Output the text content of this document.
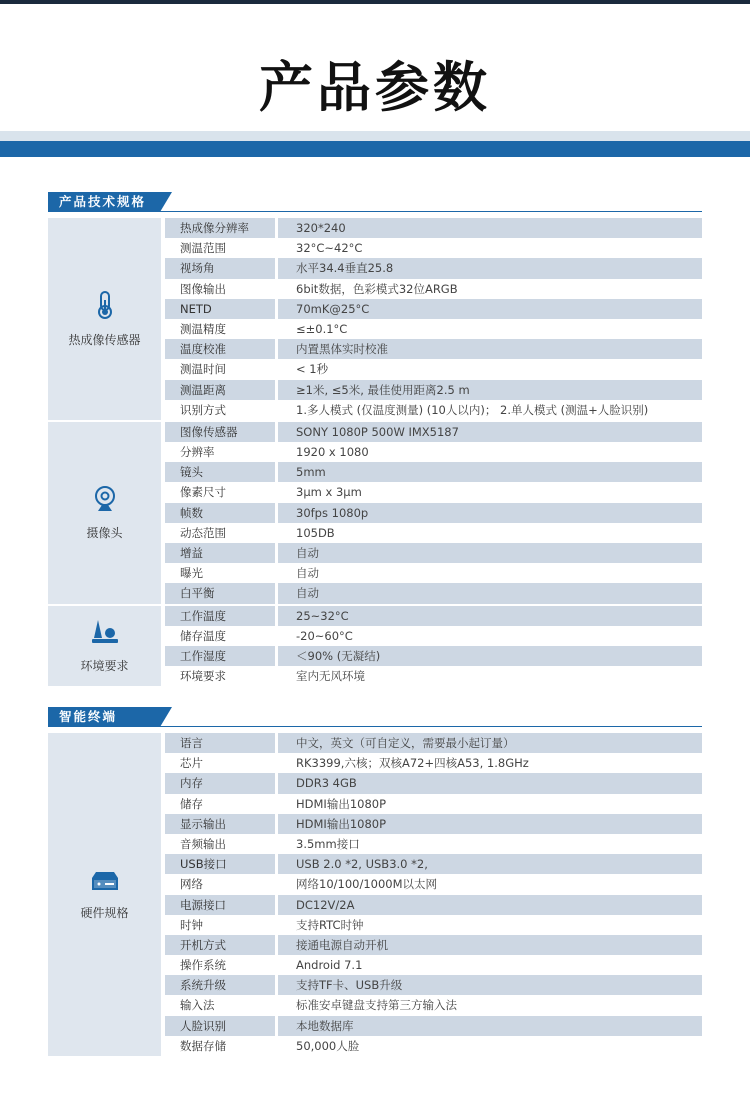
产品参数
产品技术规格
热成像传感器
热成像分辨率	320*240
测温范围	32°C~42°C
视场角	水平34.4垂直25.8
图像输出	6bit数据，色彩模式32位ARGB
NETD	70mK@25°C
测温精度	≤±0.1°C
温度校准	内置黑体实时校准
测温时间	< 1秒
测温距离	≥1米, ≤5米, 最佳使用距离2.5 m
识别方式	1.多人模式 (仅温度测量) (10人以内)； 2.单人模式 (测温+人脸识别)
摄像头
图像传感器	SONY 1080P 500W IMX5187
分辨率	1920 x 1080
镜头	5mm
像素尺寸	3μm x 3μm
帧数	30fps 1080p
动态范围	105DB
增益	自动
曝光	自动
白平衡	自动
环境要求
工作温度	25~32°C
储存温度	-20~60°C
工作湿度	＜90% (无凝结)
环境要求	室内无风环境
智能终端
硬件规格
语言	中文，英文（可自定义，需要最小起订量）
芯片	RK3399,六核；双核A72+四核A53, 1.8GHz
内存	DDR3 4GB
储存	HDMI输出1080P
显示输出	HDMI输出1080P
音频输出	3.5mm接口
USB接口	USB 2.0 *2, USB3.0 *2,
网络	网络10/100/1000M以太网
电源接口	DC12V/2A
时钟	支持RTC时钟
开机方式	接通电源自动开机
操作系统	Android 7.1
系统升级	支持TF卡、USB升级
输入法	标准安卓键盘支持第三方输入法
人脸识别	本地数据库
数据存储	50,000人脸
